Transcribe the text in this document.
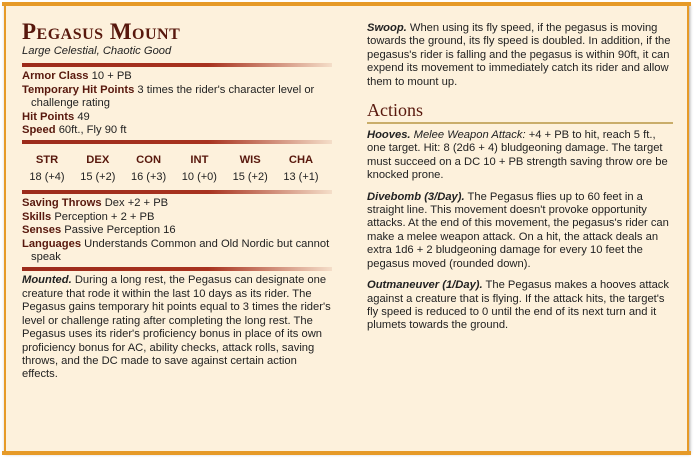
Pegasus Mount
Large Celestial, Chaotic Good
Armor Class 10 + PB
Temporary Hit Points 3 times the rider's character level or challenge rating
Hit Points 49
Speed 60ft., Fly 90 ft
STR
18 (+4)
DEX
15 (+2)
CON
16 (+3)
INT
10 (+0)
WIS
15 (+2)
CHA
13 (+1)
Saving Throws Dex +2 + PB
Skills Perception + 2 + PB
Senses Passive Perception 16
Languages Understands Common and Old Nordic but cannot speak
Mounted. During a long rest, the Pegasus can designate one creature that rode it within the last 10 days as its rider. The Pegasus gains temporary hit points equal to 3 times the rider's level or challenge rating after completing the long rest. The Pegasus uses its rider's proficiency bonus in place of its own proficiency bonus for AC, ability checks, attack rolls, saving throws, and the DC made to save against certain action effects.
Swoop. When using its fly speed, if the pegasus is moving towards the ground, its fly speed is doubled. In addition, if the pegasus's rider is falling and the pegasus is within 90ft, it can expend its movement to immediately catch its rider and allow them to mount up.
Actions
Hooves. Melee Weapon Attack: +4 + PB to hit, reach 5 ft., one target. Hit: 8 (2d6 + 4) bludgeoning damage. The target must succeed on a DC 10 + PB strength saving throw ore be knocked prone.
Divebomb (3/Day). The Pegasus flies up to 60 feet in a straight line. This movement doesn't provoke opportunity attacks. At the end of this movement, the pegasus's rider can make a melee weapon attack. On a hit, the attack deals an extra 1d6 + 2 bludgeoning damage for every 10 feet the pegasus moved (rounded down).
Outmaneuver (1/Day). The Pegasus makes a hooves attack against a creature that is flying. If the attack hits, the target's fly speed is reduced to 0 until the end of its next turn and it plumets towards the ground.
